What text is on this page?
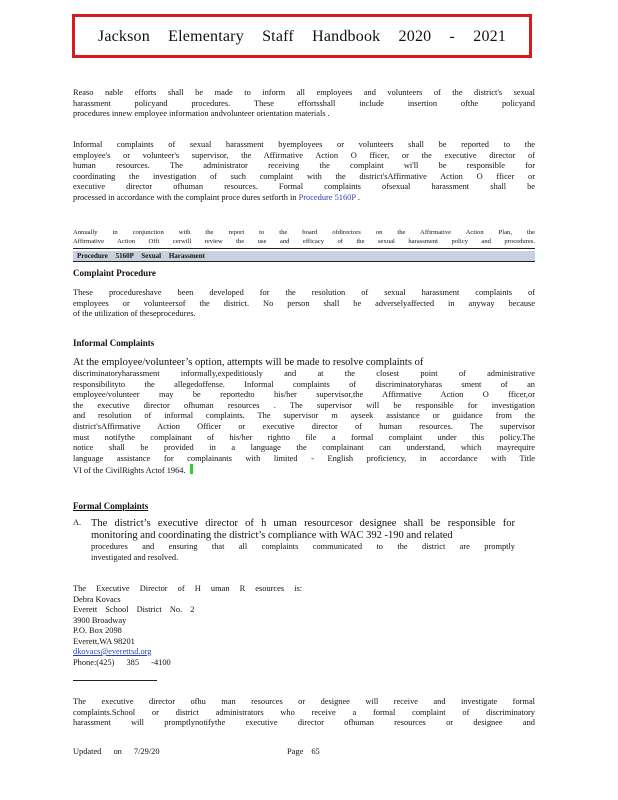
Jackson Elementary Staff Handbook 2020 - 2021
Reaso nable efforts shall be made to inform all employees and volunteers of the district's sexual
harassment policyand procedures. These effortsshall include insertion ofthe policyand
procedures innew employee information andvolunteer orientation materials .
Informal complaints of sexual harassment byemployees or volunteers shall be reported to the
employee's or volunteer's supervisor, the Affirmative Action O fficer, or the executive director of
human resources. The administrator receiving the complaint wi'll be responsible for
coordinating the investigation of such complaint with the district'sAffirmative Action O fficer or
executive director ofhuman resources. Formal complaints ofsexual harassment shall be
processed in accordance with the complaint proce dures setforth in Procedure 5160P .
Annually in conjunction with the report to the board ofdirectors on the Affirmative Action Plan, the
Affirmative Action Offi cerwill review the use and efficacy of the sexual harassment policy and procedures.
Procedure 5160P Sexual Harassment
Complaint Procedure
These procedureshave been developed for the resolution of sexual harassment complaints of
employees or volunteersof the district. No person shall be adverselyaffected in anyway because
of the utilization of theseprocedures.
Informal Complaints
At the employee/volunteer’s option, attempts will be made to resolve complaints of
discriminatoryharassment informally,expeditiously and at the closest point of administrative
responsibilityto the allegedoffense. Informal complaints of discriminatoryharas sment of an
employee/volunteer may be reportedto his/her supervisor,the Affirmative Action O fficer,or
the executive director ofhuman resources . The supervisor will be responsible for investigation
and resolution of informal complaints. The supervisor m ayseek assistance or guidance from the
district'sAffirmative Action Officer or executive director of human resources. The supervisor
must notifythe complainant of his/her rightto file a formal complaint under this policy.The
notice shall be provided in a language the complainant can understand, which mayrequire
language assistance for complainants with limited - English proficiency, in accordance with Title
VI of the CivilRights Actof 1964.
Formal Complaints
A. The district’s executive director of h uman resourcesor designee shall be responsible for
monitoring and coordinating the district’s compliance with WAC 392 -190 and related
procedures and ensuring that all complaints communicated to the district are promptly
investigated and resolved.
The Executive Director of H uman R esources is:
Debra Kovacs
Everett School District No. 2
3900 Broadway
P.O. Box 2098
Everett,WA 98201
dkovacs@everettsd.org
Phone:(425) 385 -4100
The executive director ofhu man resources or designee will receive and investigate formal
complaints.School or district administrators who receive a formal complaint of discriminatory
harassment will promptlynotifythe executive director ofhuman resources or designee and
Updated on 7/29/20	Page 65
